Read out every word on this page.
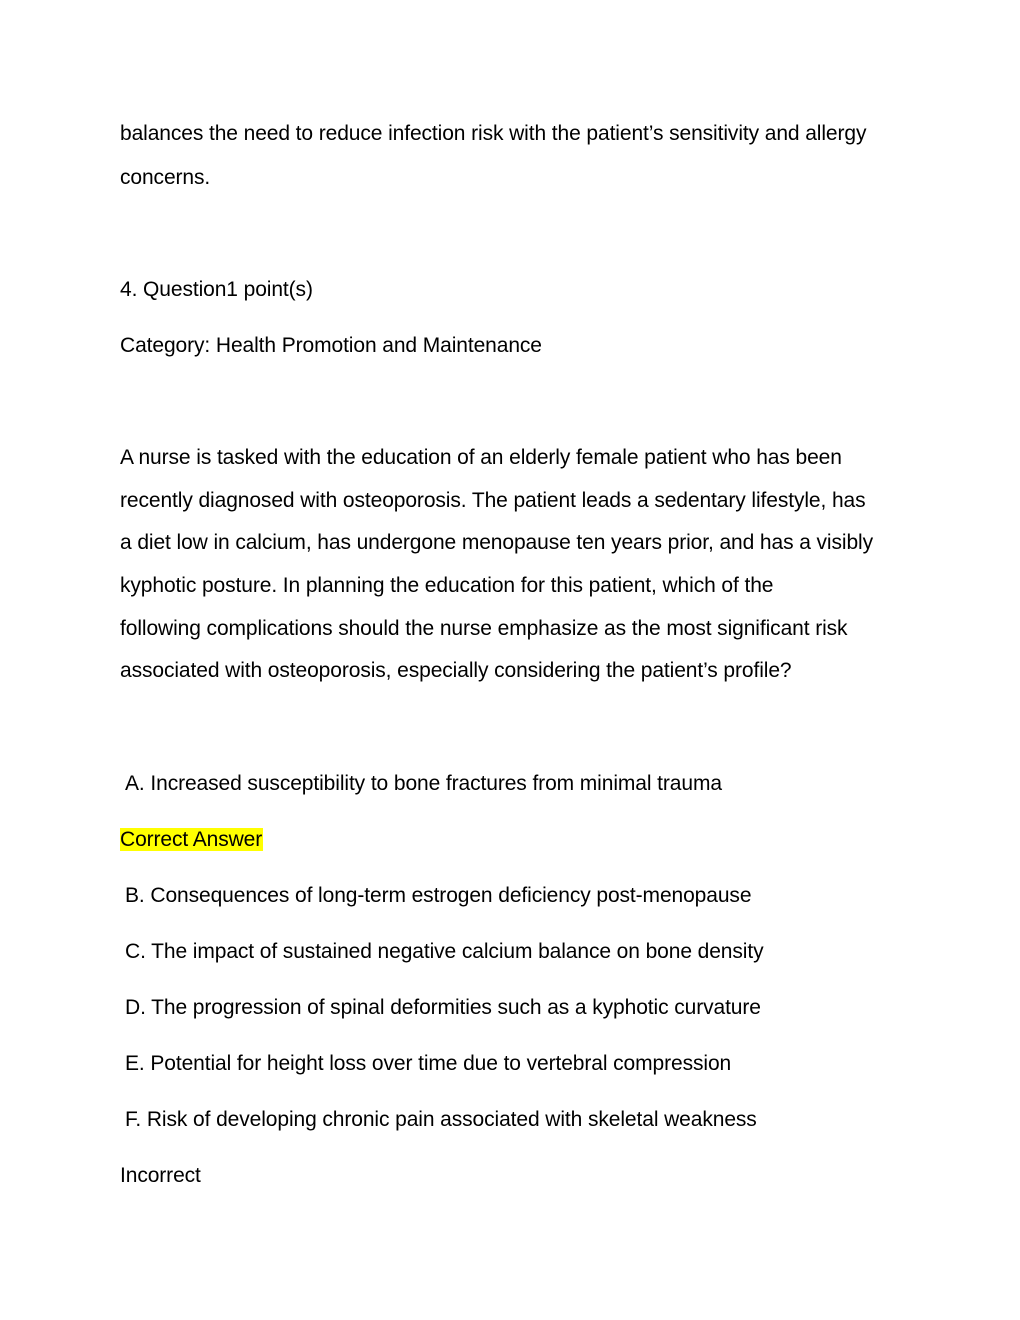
balances the need to reduce infection risk with the patient’s sensitivity and allergy
concerns.
4. Question1 point(s)
Category: Health Promotion and Maintenance
A nurse is tasked with the education of an elderly female patient who has been
recently diagnosed with osteoporosis. The patient leads a sedentary lifestyle, has
a diet low in calcium, has undergone menopause ten years prior, and has a visibly
kyphotic posture. In planning the education for this patient, which of the
following complications should the nurse emphasize as the most significant risk
associated with osteoporosis, especially considering the patient’s profile?
A. Increased susceptibility to bone fractures from minimal trauma
Correct Answer
B. Consequences of long-term estrogen deficiency post-menopause
C. The impact of sustained negative calcium balance on bone density
D. The progression of spinal deformities such as a kyphotic curvature
E. Potential for height loss over time due to vertebral compression
F. Risk of developing chronic pain associated with skeletal weakness
Incorrect
